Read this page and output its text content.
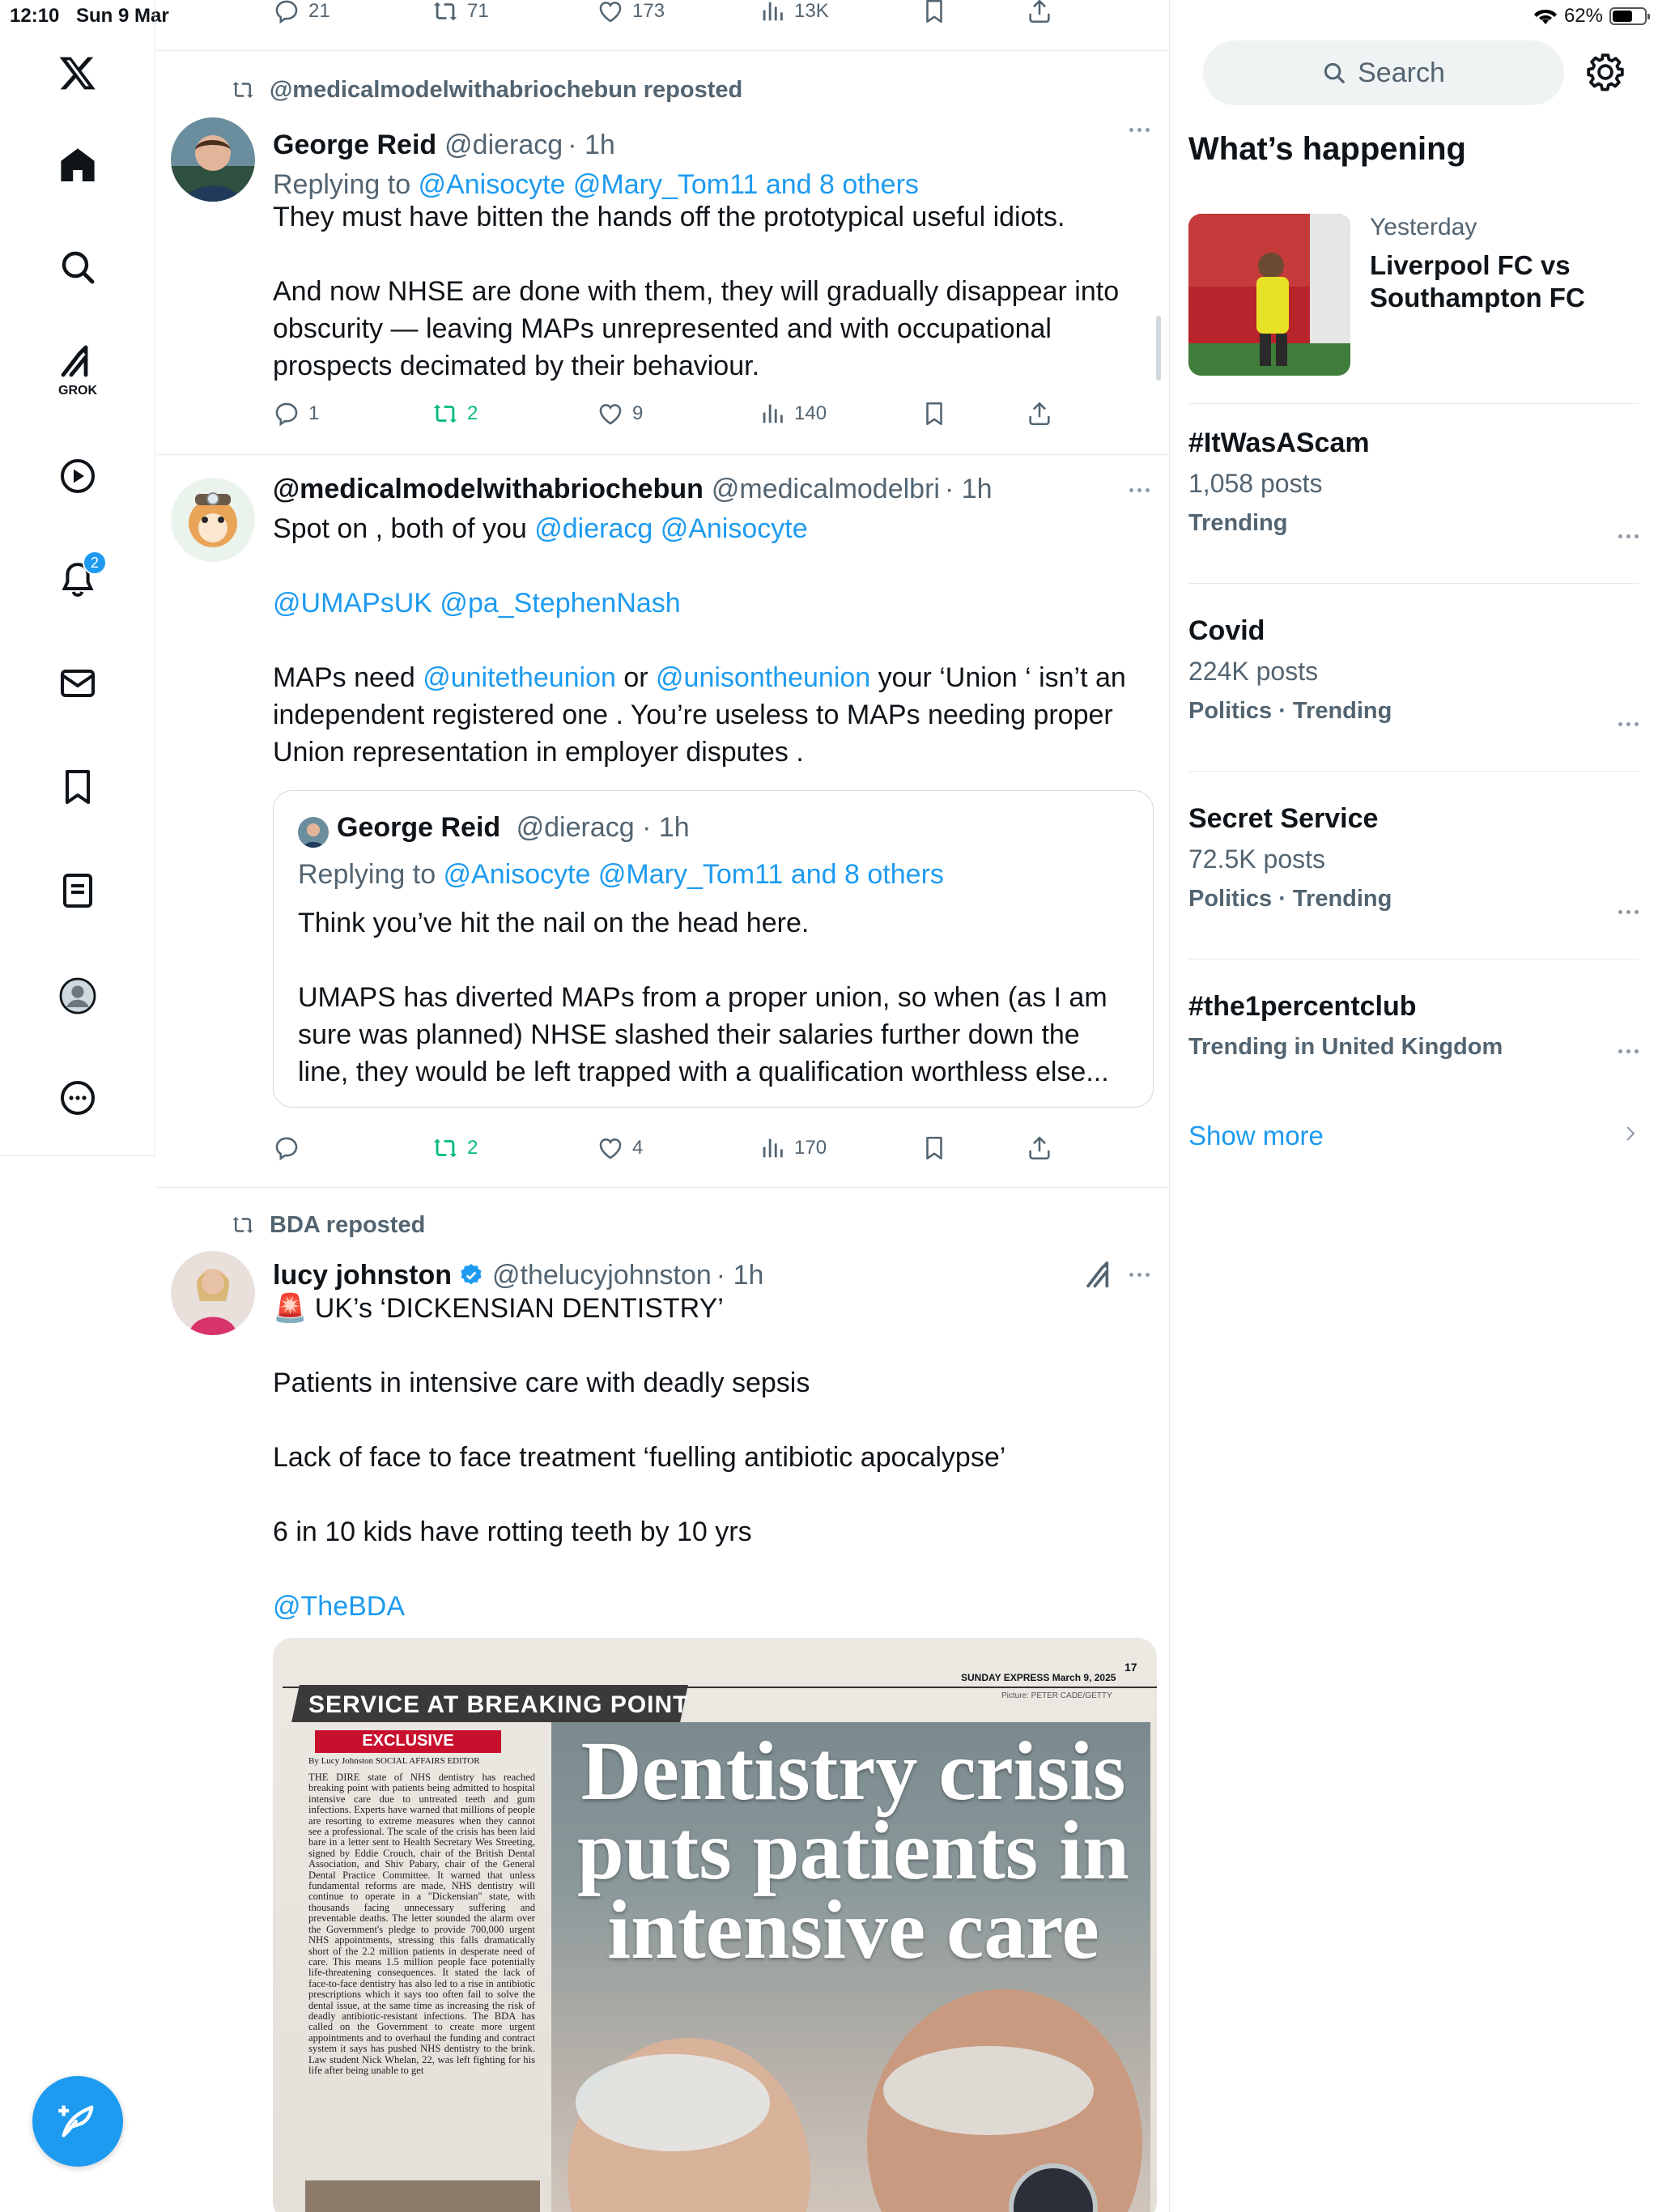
12:10 Sun 9 Mar	62%
GROK
2
21	71	173	13K
@medicalmodelwithabriochebun reposted
George Reid @dieracg · 1h
Replying to @Anisocyte @Mary_Tom11 and 8 others
They must have bitten the hands off the prototypical useful idiots.
And now NHSE are done with them, they will gradually disappear into obscurity — leaving MAPs unrepresented and with occupational prospects decimated by their behaviour.
1	2	9	140
@medicalmodelwithabriochebun @medicalmodelbri · 1h
Spot on , both of you @dieracg @Anisocyte
@UMAPsUK @pa_StephenNash
MAPs need @unitetheunion or @unisontheunion your ‘Union ‘ isn’t an independent registered one . You’re useless to MAPs needing proper Union representation in employer disputes .
George Reid @dieracg · 1h
Replying to @Anisocyte @Mary_Tom11 and 8 others
Think you’ve hit the nail on the head here.
UMAPS has diverted MAPs from a proper union, so when (as I am sure was planned) NHSE slashed their salaries further down the line, they would be left trapped with a qualification worthless else...
2	4	170
BDA reposted
lucy johnston @thelucyjohnston · 1h
🚨 UK’s ‘DICKENSIAN DENTISTRY’
Patients in intensive care with deadly sepsis
Lack of face to face treatment ‘fuelling antibiotic apocalypse’
6 in 10 kids have rotting teeth by 10 yrs
@TheBDA
SUNDAY EXPRESS March 9, 2025
17
Picture: PETER CADE/GETTY
SERVICE AT BREAKING POINT
EXCLUSIVE
By Lucy Johnston SOCIAL AFFAIRS EDITOR
THE DIRE state of NHS dentistry has reached breaking point with patients being admitted to hospital intensive care due to untreated teeth and gum infections. Experts have warned that millions of people are resorting to extreme measures when they cannot see a professional. The scale of the crisis has been laid bare in a letter sent to Health Secretary Wes Streeting, signed by Eddie Crouch, chair of the British Dental Association, and Shiv Pabary, chair of the General Dental Practice Committee. It warned that unless fundamental reforms are made, NHS dentistry will continue to operate in a "Dickensian" state, with thousands facing unnecessary suffering and preventable deaths. The letter sounded the alarm over the Government's pledge to provide 700,000 urgent NHS appointments, stressing this falls dramatically short of the 2.2 million patients in desperate need of care. This means 1.5 million people face potentially life-threatening consequences. It stated the lack of face-to-face dentistry has also led to a rise in antibiotic prescriptions which it says too often fail to solve the dental issue, at the same time as increasing the risk of deadly antibiotic-resistant infections. The BDA has called on the Government to create more urgent appointments and to overhaul the funding and contract system it says has pushed NHS dentistry to the brink. Law student Nick Whelan, 22, was left fighting for his life after being unable to get
Dentistry crisis puts patients in intensive care
Search
What’s happening
Yesterday
Liverpool FC vs Southampton FC
#ItWasAScam
1,058 posts
Trending
Covid
224K posts
Politics · Trending
Secret Service
72.5K posts
Politics · Trending
#the1percentclub
Trending in United Kingdom
Show more
